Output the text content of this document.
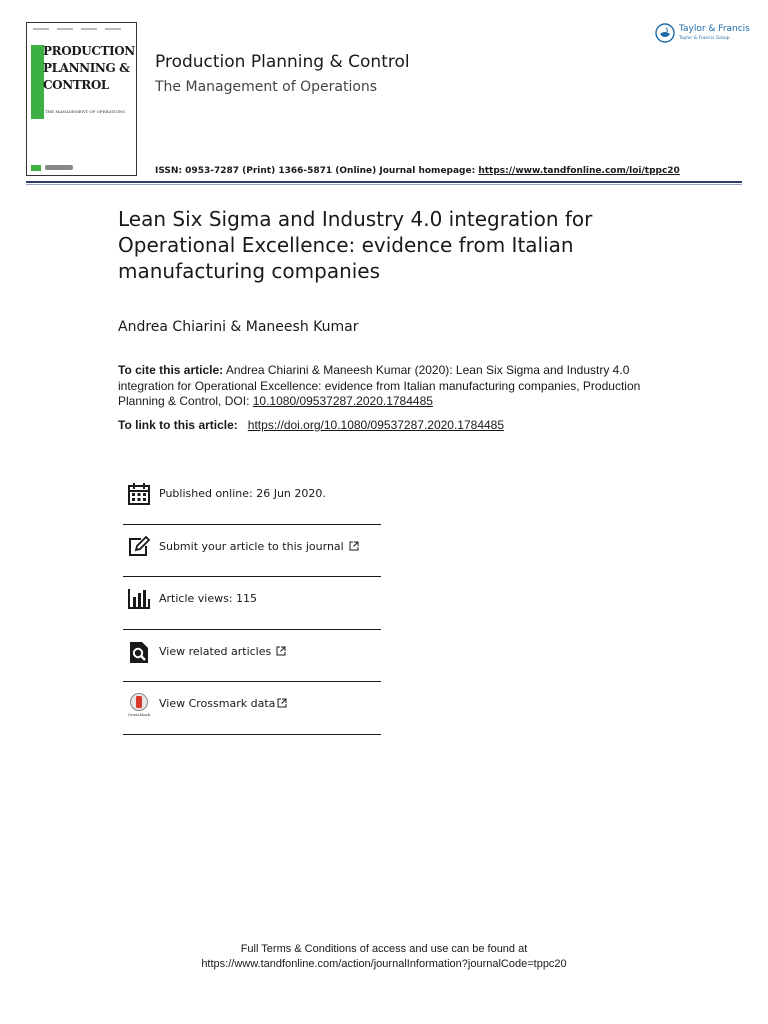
PRODUCTION
PLANNING &
CONTROL
THE MANAGEMENT OF OPERATIONS
Production Planning & Control
The Management of Operations
Taylor & Francis
Taylor & Francis Group
ISSN: 0953-7287 (Print) 1366-5871 (Online) Journal homepage: https://www.tandfonline.com/loi/tppc20
Lean Six Sigma and Industry 4.0 integration for Operational Excellence: evidence from Italian manufacturing companies
Andrea Chiarini & Maneesh Kumar
To cite this article: Andrea Chiarini & Maneesh Kumar (2020): Lean Six Sigma and Industry 4.0 integration for Operational Excellence: evidence from Italian manufacturing companies, Production Planning & Control, DOI: 10.1080/09537287.2020.1784485
To link to this article:   https://doi.org/10.1080/09537287.2020.1784485
Published online: 26 Jun 2020.
Submit your article to this journal
Article views: 115
View related articles
CrossMark
View Crossmark data
Full Terms & Conditions of access and use can be found at
https://www.tandfonline.com/action/journalInformation?journalCode=tppc20
